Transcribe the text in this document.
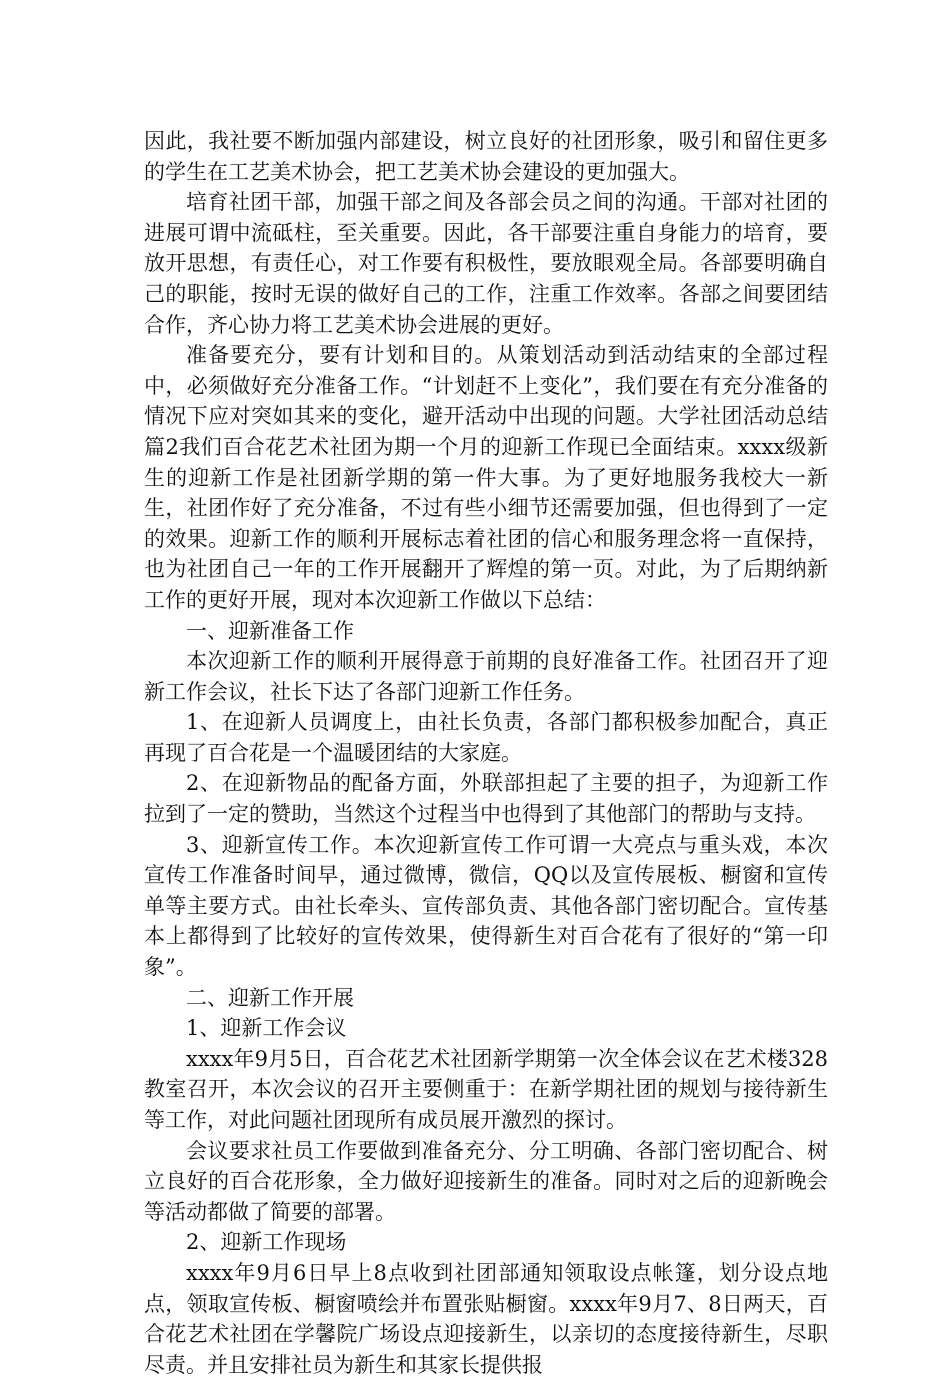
因此，我社要不断加强内部建设，树立良好的社团形象，吸引和留住更多的学生在工艺美术协会，把工艺美术协会建设的更加强大。

培育社团干部，加强干部之间及各部会员之间的沟通。干部对社团的进展可谓中流砥柱，至关重要。因此，各干部要注重自身能力的培育，要放开思想，有责任心，对工作要有积极性，要放眼观全局。各部要明确自己的职能，按时无误的做好自己的工作，注重工作效率。各部之间要团结合作，齐心协力将工艺美术协会进展的更好。

准备要充分，要有计划和目的。从策划活动到活动结束的全部过程中，必须做好充分准备工作。“计划赶不上变化”，我们要在有充分准备的情况下应对突如其来的变化，避开活动中出现的问题。大学社团活动总结 篇2我们百合花艺术社团为期一个月的迎新工作现已全面结束。xxxx级新生的迎新工作是社团新学期的第一件大事。为了更好地服务我校大一新生，社团作好了充分准备，不过有些小细节还需要加强，但也得到了一定的效果。迎新工作的顺利开展标志着社团的信心和服务理念将一直保持，也为社团自己一年的工作开展翻开了辉煌的第一页。对此，为了后期纳新工作的更好开展，现对本次迎新工作做以下总结：

一、迎新准备工作

本次迎新工作的顺利开展得意于前期的良好准备工作。社团召开了迎新工作会议，社长下达了各部门迎新工作任务。

1、在迎新人员调度上，由社长负责，各部门都积极参加配合，真正再现了百合花是一个温暖团结的大家庭。

2、在迎新物品的配备方面，外联部担起了主要的担子，为迎新工作拉到了一定的赞助，当然这个过程当中也得到了其他部门的帮助与支持。

3、迎新宣传工作。本次迎新宣传工作可谓一大亮点与重头戏，本次宣传工作准备时间早，通过微博，微信，QQ以及宣传展板、橱窗和宣传单等主要方式。由社长牵头、宣传部负责、其他各部门密切配合。宣传基本上都得到了比较好的宣传效果，使得新生对百合花有了很好的“第一印象”。

二、迎新工作开展

1、迎新工作会议

xxxx年9月5日，百合花艺术社团新学期第一次全体会议在艺术楼328教室召开，本次会议的召开主要侧重于：在新学期社团的规划与接待新生等工作，对此问题社团现所有成员展开激烈的探讨。

会议要求社员工作要做到准备充分、分工明确、各部门密切配合、树立良好的百合花形象，全力做好迎接新生的准备。同时对之后的迎新晚会等活动都做了简要的部署。

2、迎新工作现场

xxxx年9月6日早上8点收到社团部通知领取设点帐篷，划分设点地点，领取宣传板、橱窗喷绘并布置张贴橱窗。xxxx年9月7、8日两天，百合花艺术社团在学馨院广场设点迎接新生，以亲切的态度接待新生，尽职尽责。并且安排社员为新生和其家长提供报
